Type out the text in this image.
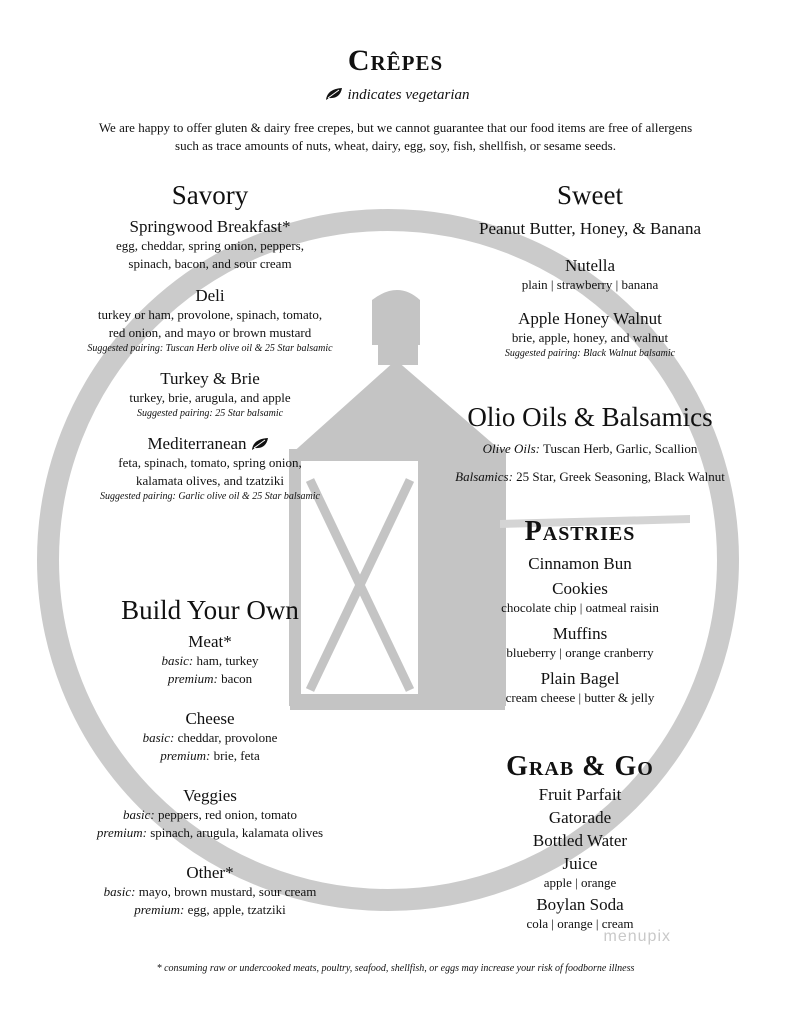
Crêpes
indicates vegetarian
We are happy to offer gluten & dairy free crepes, but we cannot guarantee that our food items are free of allergens
such as trace amounts of nuts, wheat, dairy, egg, soy, fish, shellfish, or sesame seeds.
Savory
Springwood Breakfast*
egg, cheddar, spring onion, peppers,
spinach, bacon, and sour cream
Deli
turkey or ham, provolone, spinach, tomato,
red onion, and mayo or brown mustard
Suggested pairing: Tuscan Herb olive oil & 25 Star balsamic
Turkey & Brie
turkey, brie, arugula, and apple
Suggested pairing: 25 Star balsamic
Mediterranean
feta, spinach, tomato, spring onion,
kalamata olives, and tzatziki
Suggested pairing: Garlic olive oil & 25 Star balsamic
Build Your Own
Meat*
basic: ham, turkey
premium: bacon
Cheese
basic: cheddar, provolone
premium: brie, feta
Veggies
basic: peppers, red onion, tomato
premium: spinach, arugula, kalamata olives
Other*
basic: mayo, brown mustard, sour cream
premium: egg, apple, tzatziki
Sweet
Peanut Butter, Honey, & Banana
Nutella
plain | strawberry | banana
Apple Honey Walnut
brie, apple, honey, and walnut
Suggested pairing: Black Walnut balsamic
Olio Oils & Balsamics
Olive Oils: Tuscan Herb, Garlic, Scallion
Balsamics: 25 Star, Greek Seasoning, Black Walnut
Pastries
Cinnamon Bun
Cookies
chocolate chip | oatmeal raisin
Muffins
blueberry | orange cranberry
Plain Bagel
cream cheese | butter & jelly
Grab & Go
Fruit Parfait
Gatorade
Bottled Water
Juice
apple | orange
Boylan Soda
cola | orange | cream
menupix
* consuming raw or undercooked meats, poultry, seafood, shellfish, or eggs may increase your risk of foodborne illness
